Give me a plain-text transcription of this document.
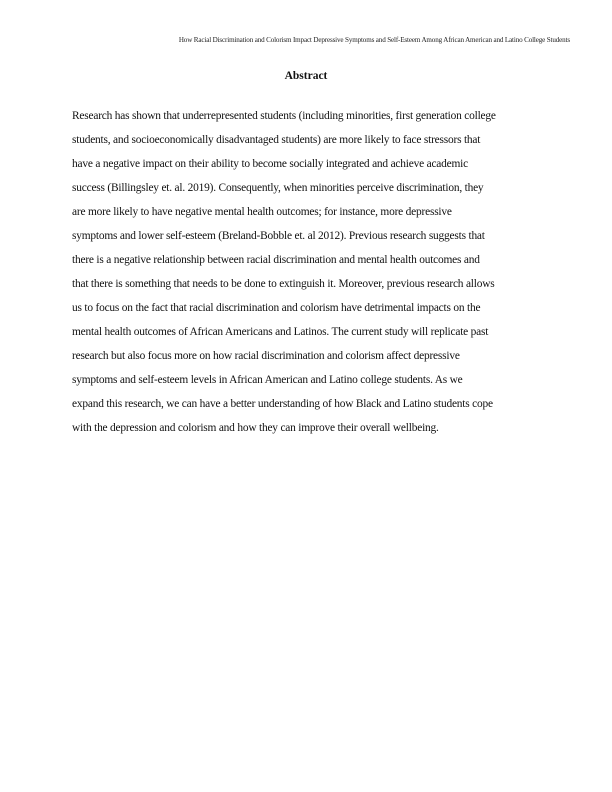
How Racial Discrimination and Colorism Impact Depressive Symptoms and Self-Esteem Among African American and Latino College Students
Abstract
Research has shown that underrepresented students (including minorities, first generation college
students, and socioeconomically disadvantaged students) are more likely to face stressors that
have a negative impact on their ability to become socially integrated and achieve academic
success (Billingsley et. al. 2019). Consequently, when minorities perceive discrimination, they
are more likely to have negative mental health outcomes; for instance, more depressive
symptoms and lower self-esteem (Breland-Bobble et. al 2012). Previous research suggests that
there is a negative relationship between racial discrimination and mental health outcomes and
that there is something that needs to be done to extinguish it. Moreover, previous research allows
us to focus on the fact that racial discrimination and colorism have detrimental impacts on the
mental health outcomes of African Americans and Latinos. The current study will replicate past
research but also focus more on how racial discrimination and colorism affect depressive
symptoms and self-esteem levels in African American and Latino college students. As we
expand this research, we can have a better understanding of how Black and Latino students cope
with the depression and colorism and how they can improve their overall wellbeing.
